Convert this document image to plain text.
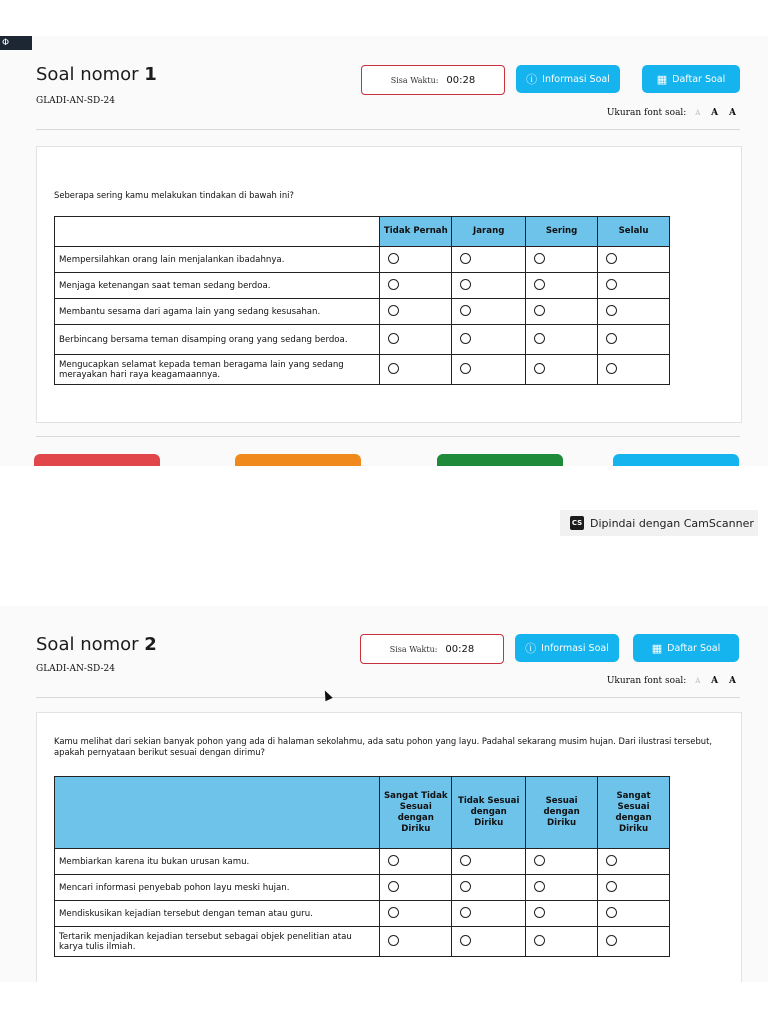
Φ
Soal nomor 1
GLADI-AN-SD-24
Sisa Waktu: 00:28	ⓘ Informasi Soal	▦ Daftar Soal
Ukuran font soal: A A A
Seberapa sering kamu melakukan tindakan di bawah ini?
	Tidak Pernah	Jarang	Sering	Selalu
Mempersilahkan orang lain menjalankan ibadahnya.				
Menjaga ketenangan saat teman sedang berdoa.				
Membantu sesama dari agama lain yang sedang kesusahan.				
Berbincang bersama teman disamping orang yang sedang berdoa.				
Mengucapkan selamat kepada teman beragama lain yang sedang merayakan hari raya keagamaannya.				
CS Dipindai dengan CamScanner
Soal nomor 2
GLADI-AN-SD-24
Sisa Waktu: 00:28	ⓘ Informasi Soal	▦ Daftar Soal
Ukuran font soal: A A A
Kamu melihat dari sekian banyak pohon yang ada di halaman sekolahmu, ada satu pohon yang layu. Padahal sekarang musim hujan. Dari ilustrasi tersebut, apakah pernyataan berikut sesuai dengan dirimu?
	Sangat Tidak Sesuai dengan Diriku	Tidak Sesuai dengan Diriku	Sesuai dengan Diriku	Sangat Sesuai dengan Diriku
Membiarkan karena itu bukan urusan kamu.				
Mencari informasi penyebab pohon layu meski hujan.				
Mendiskusikan kejadian tersebut dengan teman atau guru.				
Tertarik menjadikan kejadian tersebut sebagai objek penelitian atau karya tulis ilmiah.				
